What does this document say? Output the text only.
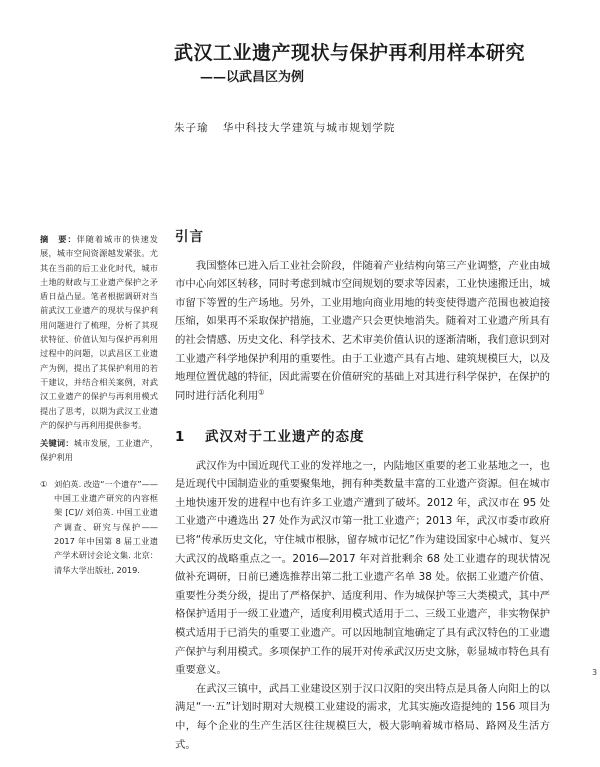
武汉工业遗产现状与保护再利用样本研究
——以武昌区为例
朱子瑜 华中科技大学建筑与城市规划学院
摘　要：伴随着城市的快速发展，城市空间资源越发紧张。尤其在当前的后工业化时代，城市土地的财政与工业遗产保护之矛盾日益凸显。笔者根据调研对当前武汉工业遗产的现状与保护利用问题进行了梳理，分析了其现状特征、价值认知与保护再利用过程中的问题，以武昌区工业遗产为例，提出了其保护利用的若干建议，并结合相关案例，对武汉工业遗产的保护与再利用模式提出了思考，以期为武汉工业遗产的保护与再利用提供参考。
关键词：城市发展，工业遗产，保护利用
① 刘伯英. 改造“一个遗存”——中国工业遗产研究的内容框架 [C]// 刘伯英. 中国工业遗产调查、研究与保护——2017 年中国第 8 届工业遗产学术研讨会论文集. 北京：清华大学出版社, 2019.
引言

我国整体已进入后工业社会阶段，伴随着产业结构向第三产业调整，产业由城市中心向郊区转移，同时考虑到城市空间规划的要求等因素，工业快速搬迁出，城市留下等置的生产场地。另外，工业用地向商业用地的转变使得遗产范围也被迫接压缩，如果再不采取保护措施，工业遗产只会更快地消失。随着对工业遗产所具有的社会情感、历史文化、科学技术、艺术审美价值认识的逐渐清晰，我们意识到对工业遗产科学地保护利用的重要性。由于工业遗产具有占地、建筑规模巨大，以及地理位置优越的特征，因此需要在价值研究的基础上对其进行科学保护，在保护的同时进行活化利用①

1 武汉对于工业遗产的态度

武汉作为中国近现代工业的发祥地之一，内陆地区重要的老工业基地之一，也是近现代中国制造业的重要聚集地，拥有种类数量丰富的工业遗产资源。但在城市土地快速开发的进程中也有许多工业遗产遭到了破坏。2012 年，武汉市在 95 处工业遗产中遴选出 27 处作为武汉市第一批工业遗产；2013 年，武汉市委市政府已将“传承历史文化，守住城市根脉，留存城市记忆”作为建设国家中心城市、复兴大武汉的战略重点之一。2016—2017 年对首批剩余 68 处工业遗存的现状情况做补充调研，日前已遴选推荐出第二批工业遗产名单 38 处。依据工业遗产价值、重要性分类分级，提出了严格保护、适度利用、作为城保护等三大类模式，其中严格保护适用于一级工业遗产，适度利用模式适用于二、三级工业遗产，非实物保护模式适用于已消失的重要工业遗产。可以因地制宜地确定了具有武汉特色的工业遗产保护与利用模式。多项保护工作的展开对传承武汉历史文脉，彰显城市特色具有重要意义。

在武汉三镇中，武昌工业建设区别于汉口汉阳的突出特点是具备人向阳上的以满足“一·五”计划时期对大规模工业建设的需求，尤其实施改造提纯的 156 项目为中，每个企业的生产生活区往往规模巨大，极大影响着城市格局、路网及生活方式。

3
